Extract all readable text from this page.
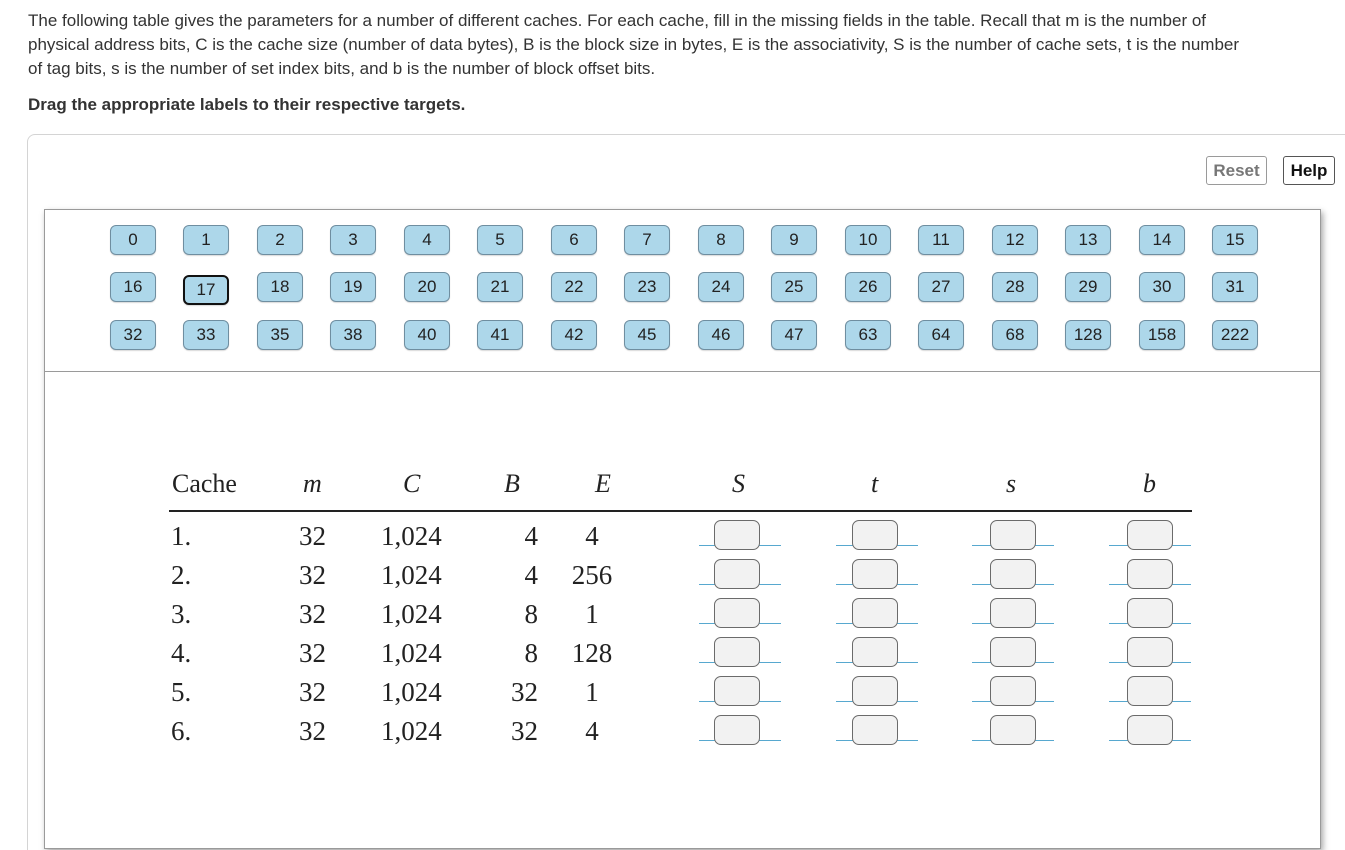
The following table gives the parameters for a number of different caches. For each cache, fill in the missing fields in the table. Recall that m is the number of physical address bits, C is the cache size (number of data bytes), B is the block size in bytes, E is the associativity, S is the number of cache sets, t is the number of tag bits, s is the number of set index bits, and b is the number of block offset bits.

Drag the appropriate labels to their respective targets.

Reset	Help
0	1	2	3	4	5	6	7	8	9	10	11	12	13	14	15
16	17	18	19	20	21	22	23	24	25	26	27	28	29	30	31
32	33	35	38	40	41	42	45	46	47	63	64	68	128	158	222
Cache	m	C	B	E	S	t	s	b
1.	32 1,024	4	4
2.	32 1,024	4	256
3.	32 1,024	8	1
4.	32 1,024	8	128
5.	32 1,024	32	1
6.	32 1,024	32	4
